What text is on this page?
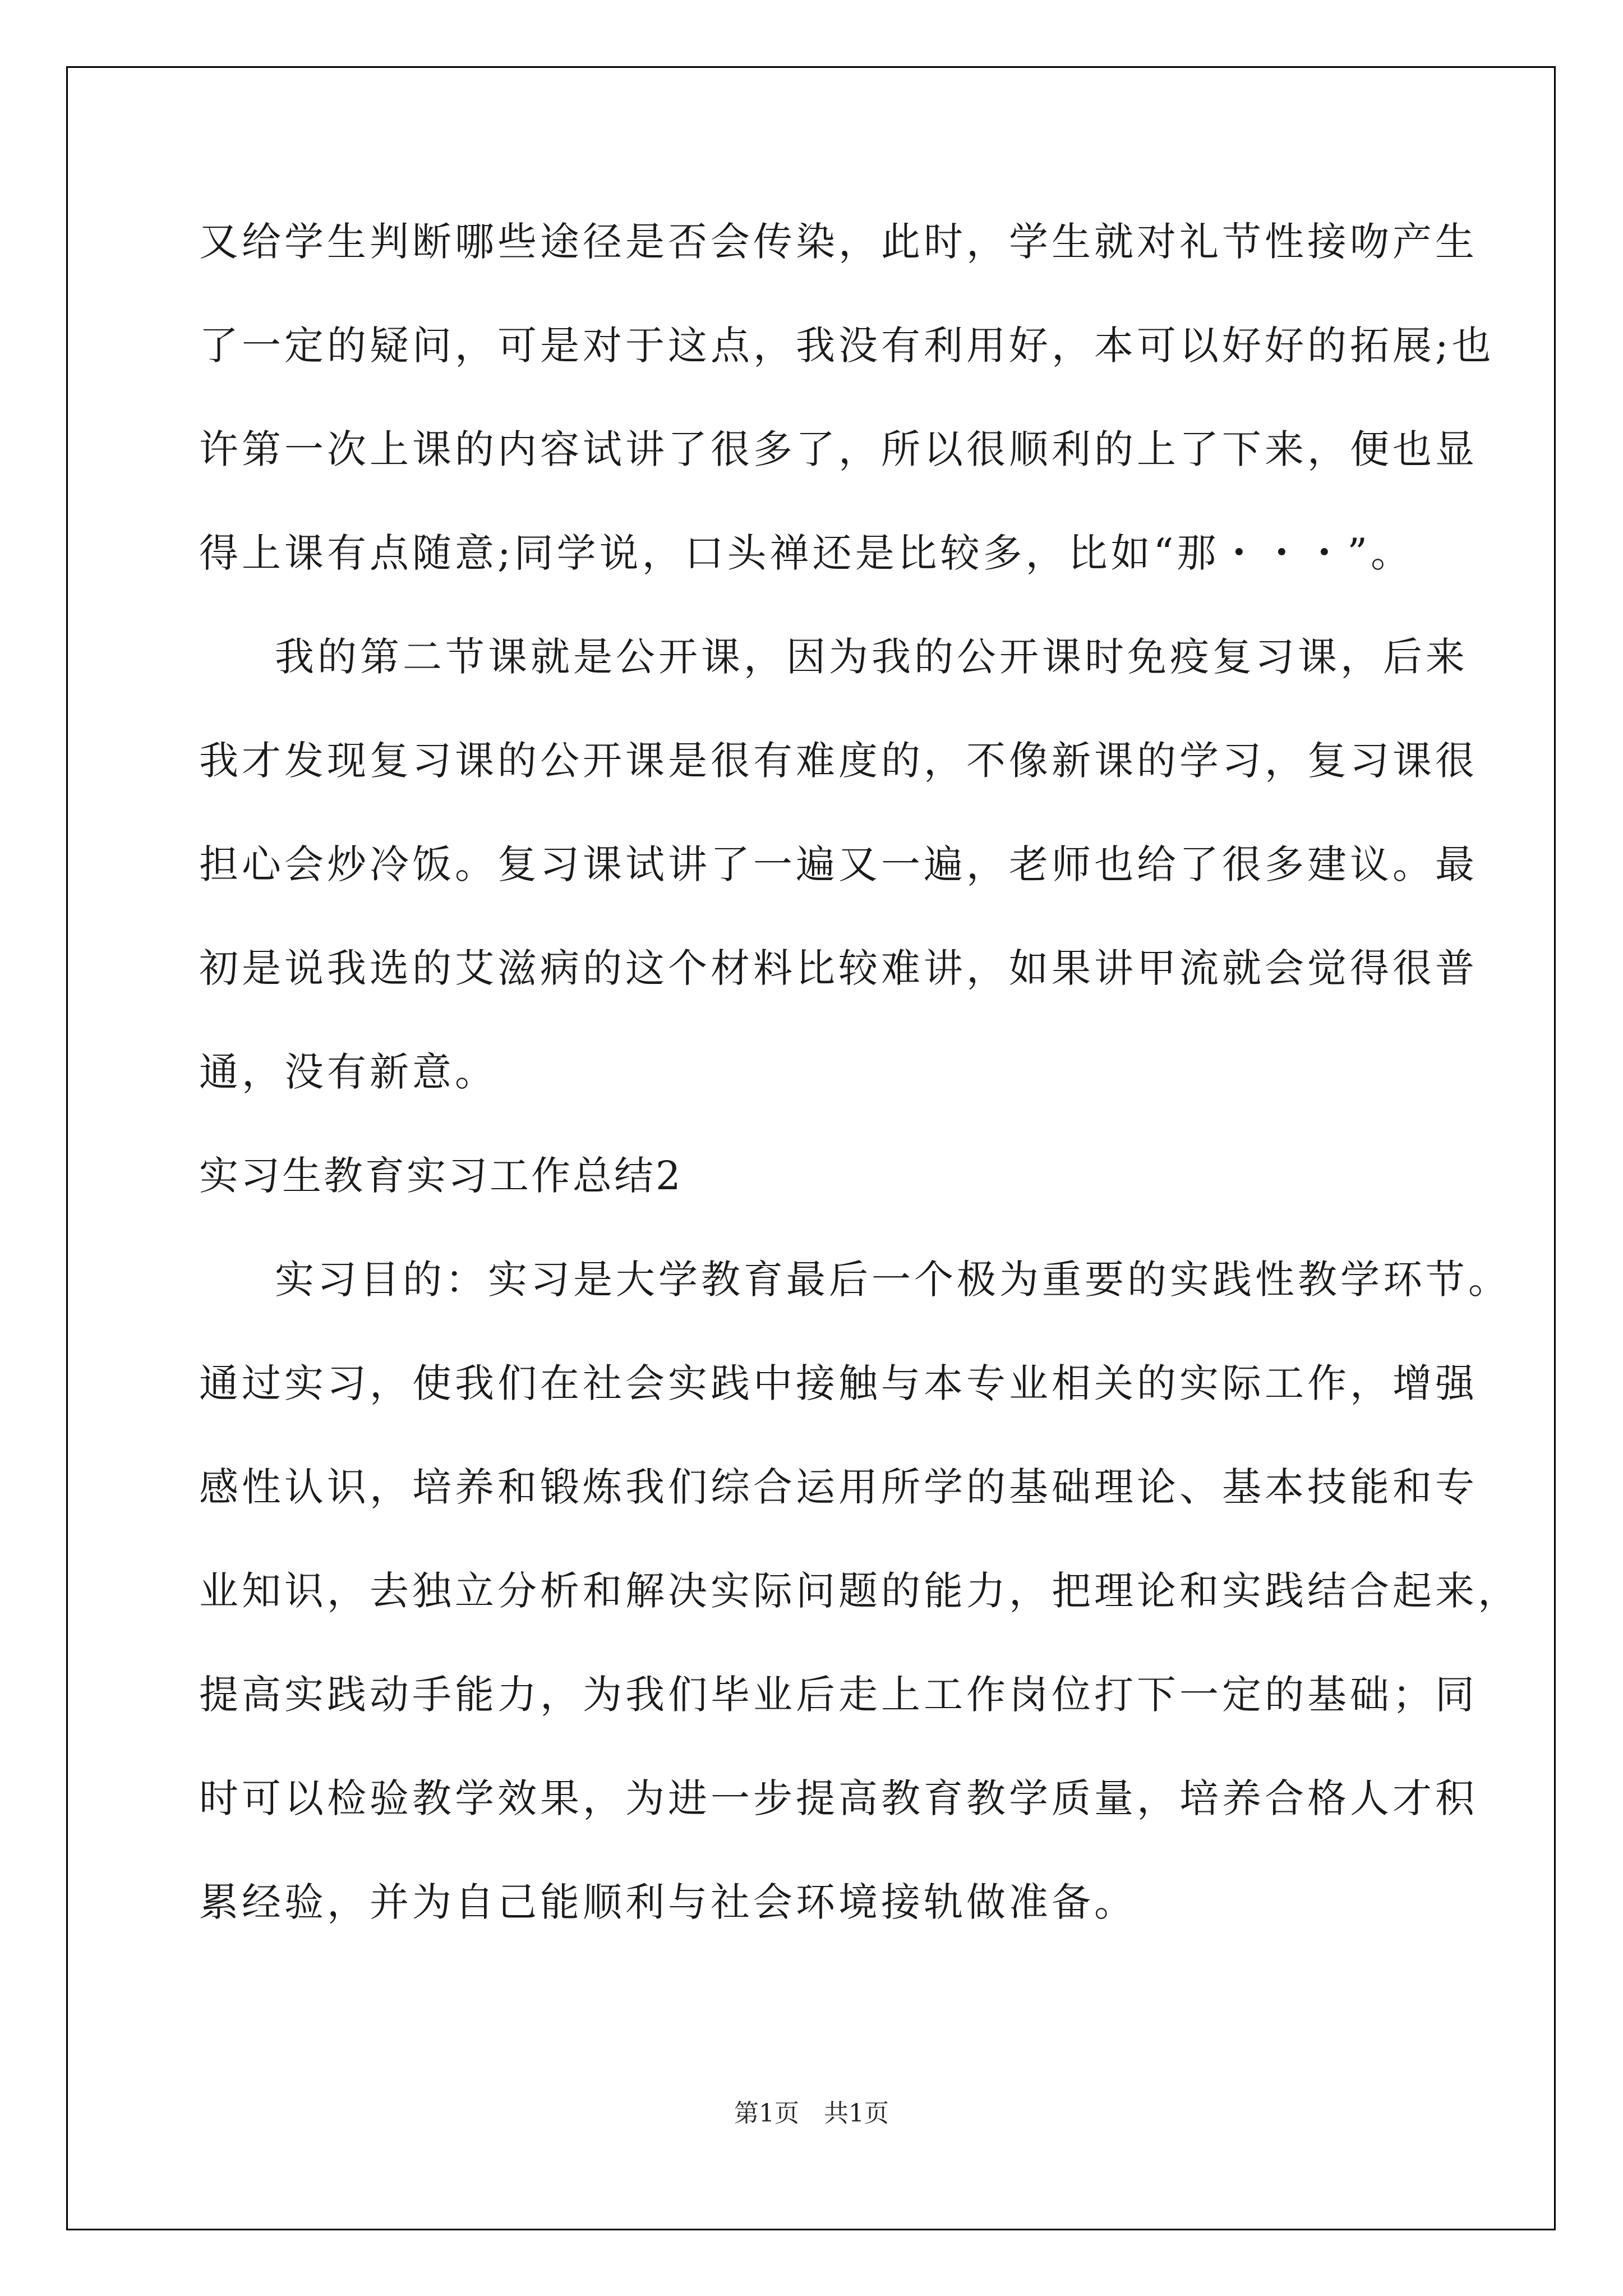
又给学生判断哪些途径是否会传染，此时，学生就对礼节性接吻产生
了一定的疑问，可是对于这点，我没有利用好，本可以好好的拓展;也
许第一次上课的内容试讲了很多了，所以很顺利的上了下来，便也显
得上课有点随意;同学说，口头禅还是比较多，比如“那・・・”。
我的第二节课就是公开课，因为我的公开课时免疫复习课，后来
我才发现复习课的公开课是很有难度的，不像新课的学习，复习课很
担心会炒冷饭。复习课试讲了一遍又一遍，老师也给了很多建议。最
初是说我选的艾滋病的这个材料比较难讲，如果讲甲流就会觉得很普
通，没有新意。
实习生教育实习工作总结2
实习目的：实习是大学教育最后一个极为重要的实践性教学环节。
通过实习，使我们在社会实践中接触与本专业相关的实际工作，增强
感性认识，培养和锻炼我们综合运用所学的基础理论、基本技能和专
业知识，去独立分析和解决实际问题的能力，把理论和实践结合起来，
提高实践动手能力，为我们毕业后走上工作岗位打下一定的基础；同
时可以检验教学效果，为进一步提高教育教学质量，培养合格人才积
累经验，并为自己能顺利与社会环境接轨做准备。
第1页　共1页
